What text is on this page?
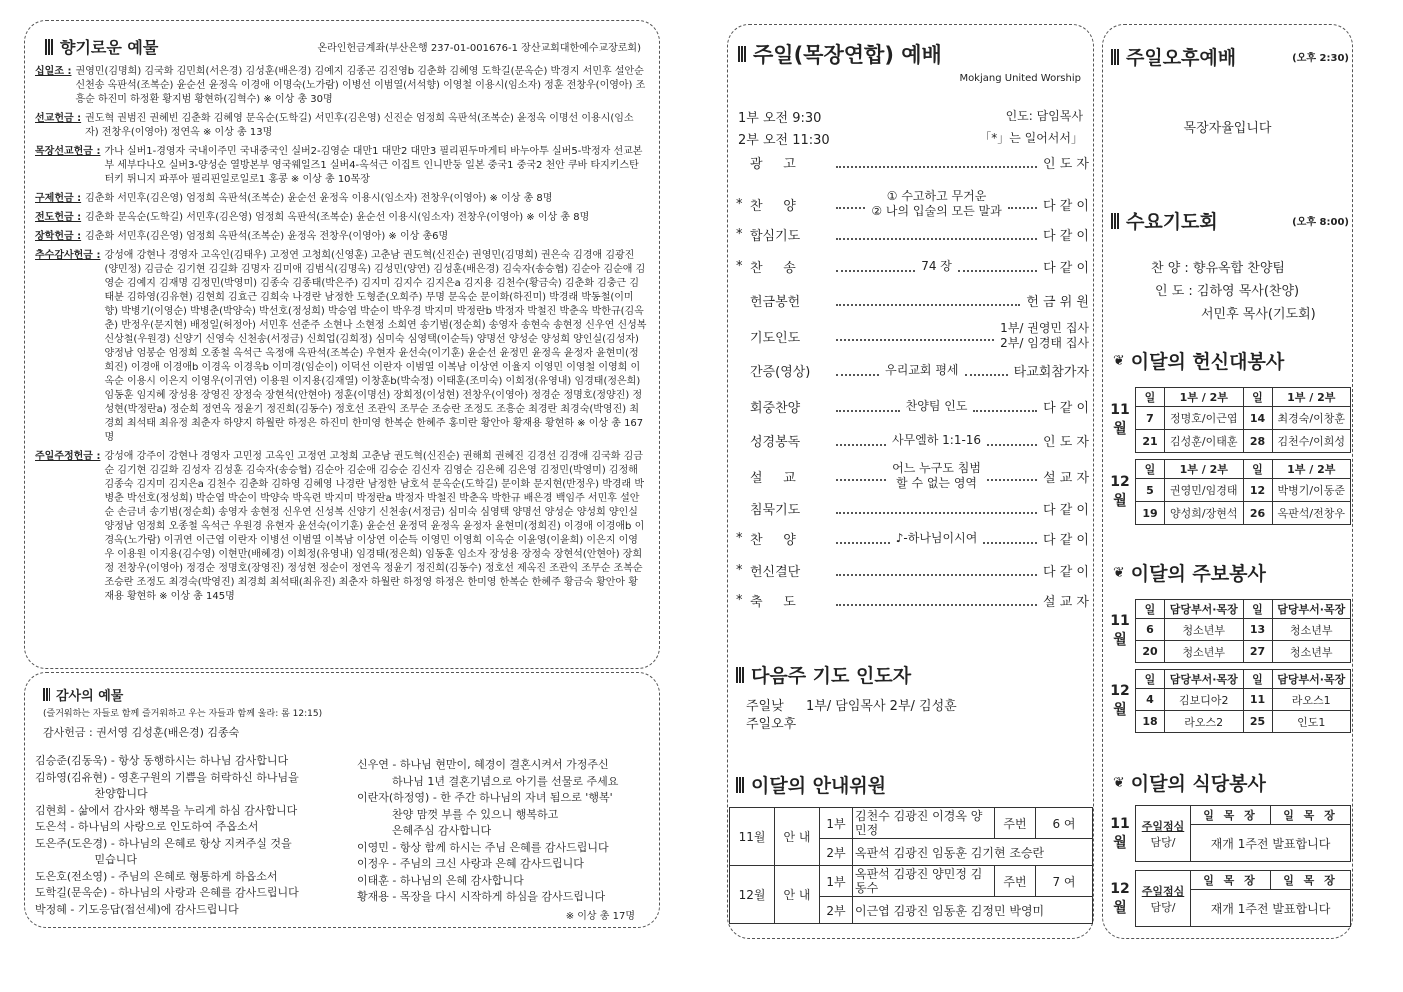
향기로운 예물	온라인헌금계좌(부산은행 237-01-001676-1 장산교회대한예수교장로회)
십일조 : 권영민(김명희) 김국화 김민희(서은경) 김성훈(배은경) 김예지 김종곤 김진영b 김춘화 김혜영 도학길(문옥순) 박경지 서민후 설안순 신천송 옥판석(조복순) 윤순선 윤정옥 이경애 이명숙(노가람) 이병선 이범열(서석향) 이영철 이용시(임소자) 정훈 전창우(이영아) 조흥순 하진미 하정환 황지범 황현하(김혁수) ※ 이상 총 30명
선교헌금 : 권도혁 권범진 권혜빈 김춘화 김혜영 문옥순(도학길) 서민후(김은영) 신진순 엄정희 옥판석(조복순) 윤정옥 이명선 이용시(임소자) 전창우(이영아) 정연옥 ※ 이상 총 13명
목장선교헌금 : 가나 실버1-경영자 국내이주민 국내중국인 실버2-김영순 대만1 대만2 대만3 필리핀두마게티 바누아투 실버5-박정자 선교본부 세부다나오 실버3-양성순 열방본부 영국웨일즈1 실버4-옥석근 이집트 인니반둥 일본 중국1 중국2 천안 쿠바 타지키스탄 터키 튀니지 파푸아 필리핀일로일로1 홍콩 ※ 이상 총 10목장
구제헌금 : 김춘화 서민후(김은영) 엄정희 옥판석(조복순) 윤순선 윤정옥 이용시(임소자) 전창우(이영아) ※ 이상 총 8명
전도헌금 : 김춘화 문옥순(도학길) 서민후(김은영) 엄정희 옥판석(조복순) 윤순선 이용시(임소자) 전창우(이영아) ※ 이상 총 8명
장학헌금 : 김춘화 서민후(김은영) 엄정희 옥판석(조복순) 윤정옥 전창우(이영아) ※ 이상 총6명
추수감사헌금 : 강성애 강현나 경영자 고옥인(김태우) 고정연 고청희(신영훈) 고춘남 권도혁(신진순) 권영민(김명희) 권은숙 김경애 김광진(양민정) 김금순 김기현 김길화 김명자 김미애 김범식(김명옥) 김성민(양연) 김성훈(배은경) 김숙자(송승협) 김순아 김순애 김영순 김예지 김재명 김정민(박영미) 김종숙 김종태(박은주) 김지미 김지수 김지은a 김지용 김천수(황금숙) 김춘화 김충근 김태분 김하영(김유현) 김현희 김효근 김희숙 나경란 남정한 도형준(오희주) 무명 문옥순 문이화(하진미) 박경래 박동철(이미향) 박병기(이영순) 박병춘(박양숙) 박선호(정성희) 박승엽 박순이 박우경 박지미 박정란b 박정자 박철진 박춘옥 박한규(김옥춘) 반정우(문지현) 배정일(허정아) 서민후 선준주 소현나 소현정 소희연 송기범(정순희) 송영자 송현숙 송현정 신우연 신성복 신상철(우원경) 신양기 신영숙 신천송(서정금) 신희업(김희정) 심미숙 심영택(이순득) 양명선 양성순 양성희 양인실(김성자) 양정남 엄봉순 엄정희 오종철 옥석근 옥정애 옥판석(조복순) 우현자 윤선숙(이기훈) 윤순선 윤정민 윤정옥 윤정자 윤현미(정희진) 이경애 이경애b 이경옥 이경욱b 이미경(임순이) 이덕선 이란자 이범열 이복남 이상연 이율지 이영민 이영철 이영희 이옥순 이용시 이은지 이영우(이귀연) 이용원 이지용(김재열) 이창훈b(박숙정) 이태훈(조미숙) 이희정(유영내) 임경태(정은희) 임동훈 임지혜 장성용 장영진 장정숙 장현석(안현아) 정훈(이명선) 장희정(이성현) 전창우(이영아) 정경순 정명호(정양진) 정성현(박정란a) 정순희 정연옥 정윤기 정진희(김동수) 정호선 조관익 조무순 조승란 조정도 조흥순 최경란 최경숙(박영진) 최경희 최석태 최유정 최춘자 하양지 하월란 하정은 하진미 한미영 한복순 한혜주 홍미란 황안아 황재용 황현하 ※ 이상 총 167명
주일주정헌금 : 강성애 강주이 강현나 경영자 고민정 고옥인 고정연 고청희 고춘남 권도혁(신진순) 권해희 권혜진 김경선 김경애 김국화 김금순 김기현 김길화 김성자 김성훈 김숙자(송승협) 김순아 김순애 김승순 김신자 김영순 김은혜 김은영 김정민(박영미) 김정해 김종숙 김지미 김지은a 김천수 김춘화 김하영 김혜영 나경란 남정한 남호석 문옥순(도학길) 문이화 문지현(반정우) 박경래 박병춘 박선호(정성희) 박순엽 박순이 박양숙 박옥련 박지미 박정란a 박정자 박철진 박춘옥 박한규 배은경 백임주 서민후 설안순 손금녀 송기범(정순희) 송영자 송현정 신우연 신성복 신양기 신천송(서정금) 심미숙 심영택 양명선 양성순 양성희 양인실 양정남 엄정희 오종철 옥석근 우원경 유현자 윤선숙(이기훈) 윤순선 윤정덕 윤정옥 윤정자 윤현미(정희진) 이경애 이경애b 이경옥(노가람) 이귀연 이근엽 이란자 이병선 이범열 이복남 이상연 이순득 이영민 이영희 이옥순 이윤영(이윤희) 이은지 이영우 이용원 이지용(김수영) 이현만(배혜경) 이희정(유영내) 임경태(정은희) 임동훈 임소자 장성용 장정숙 장현석(안현아) 장희정 전창우(이영아) 정경순 정명호(장영진) 정성현 정순이 정연옥 정윤기 정진희(김동수) 정호선 제옥진 조관익 조무순 조복순 조승란 조정도 최경숙(박영진) 최경희 최석태(최유진) 최춘자 하월란 하정영 하정은 한미영 한복순 한혜주 황금숙 황안아 황재용 황현하 ※ 이상 총 145명
감사의 예물
(즐거워하는 자들로 함께 즐거워하고 우는 자들과 함께 울라: 롬 12:15)
감사헌금 : 권서영 김성훈(배은경) 김종숙
김승준(김동욱) - 항상 동행하시는 하나님 감사합니다
김하영(김유현) - 영혼구원의 기쁨을 허락하신 하나님을
찬양합니다
김현희 - 삶에서 감사와 행복을 누리게 하심 감사합니다
도은석 - 하나님의 사랑으로 인도하여 주옵소서
도은주(도은경) - 하나님의 은혜로 항상 지켜주실 것을
믿습니다
도은호(전소영) - 주님의 은혜로 형통하게 하옵소서
도학길(문옥순) - 하나님의 사랑과 은혜를 감사드립니다
박정혜 - 기도응답(접선세)에 감사드립니다
신우연 - 하나님 현만이, 혜경이 결혼시켜서 가정주신
하나님 1년 결혼기념으로 아기를 선물로 주세요
이란자(하정영) - 한 주간 하나님의 자녀 됨으로 '행복'
찬양 맘껏 부를 수 있으니 행복하고
은혜주심 감사합니다
이영민 - 항상 함께 하시는 주님 은혜를 감사드립니다
이정우 - 주님의 크신 사랑과 은혜 감사드립니다
이태훈 - 하나님의 은혜 감사합니다
황재용 - 목장을 다시 시작하게 하심을 감사드립니다
※ 이상 총 17명
주일(목장연합) 예배
Mokjang United Worship
1부 오전 9:30
2부 오전 11:30
인도: 담임목사
「*」는 일어서서」
광     고	인 도 자
* 찬     양
① 수고하고 무거운
② 나의 입술의 모든 말과	다 같 이
* 합심기도	다 같 이
* 찬     송	74 장	다 같 이
헌금봉헌	헌 금 위 원
기도인도
1부/ 권영민 집사
2부/ 임경태 집사
간증(영상)	우리교회 평세	타교회참가자
회중찬양	찬양팀 인도	다 같 이
성경봉독	사무엘하 1:1-16	인 도 자
설     교
어느 누구도 침범
할 수 없는 영역	설 교 자
침묵기도	다 같 이
* 찬     양	♪-하나님이시여	다 같 이
* 헌신결단	다 같 이
* 축     도	설 교 자
다음주 기도 인도자
주일낮 1부/ 담임목사 2부/ 김성훈
주일오후
이달의 안내위원
11월	안 내	1부	김천수 김광진 이경옥 양민정	주번	6 여
		2부	옥판석 김광진 임동훈 김기현 조승란		
12월	안 내	1부	옥판석 김광진 양민정 김동수	주번	7 여
		2부	이근엽 김광진 임동훈 김정민 박영미		
주일오후예배	(오후 2:30)
목장자율입니다
수요기도회	(오후 8:00)
찬 양 : 향유옥합 찬양팀
인 도 : 김하영 목사(찬양)
서민후 목사(기도회)
❦ 이달의 헌신대봉사
11
월	일	1부 / 2부	일	1부 / 2부
	7	정명호/이근엽	14	최경숙/이창훈
	21	김성훈/이태훈	28	김천수/이희성
12
월	일	1부 / 2부	일	1부 / 2부
	5	권영민/임경태	12	박병기/이동준
	19	양성희/장현석	26	옥판석/전창우
❦ 이달의 주보봉사
11
월	일	담당부서·목장	일	담당부서·목장
	6	청소년부	13	청소년부
	20	청소년부	27	청소년부
12
월	일	담당부서·목장	일	담당부서·목장
	4	김보디아2	11	라오스1
	18	라오스2	25	인도1
❦ 이달의 식당봉사
11
월

주일점심
담당/
	일 목 장	일 목 장
재개 1주전 발표합니다
12
월

주일점심
담당/
	일 목 장	일 목 장
재개 1주전 발표합니다
